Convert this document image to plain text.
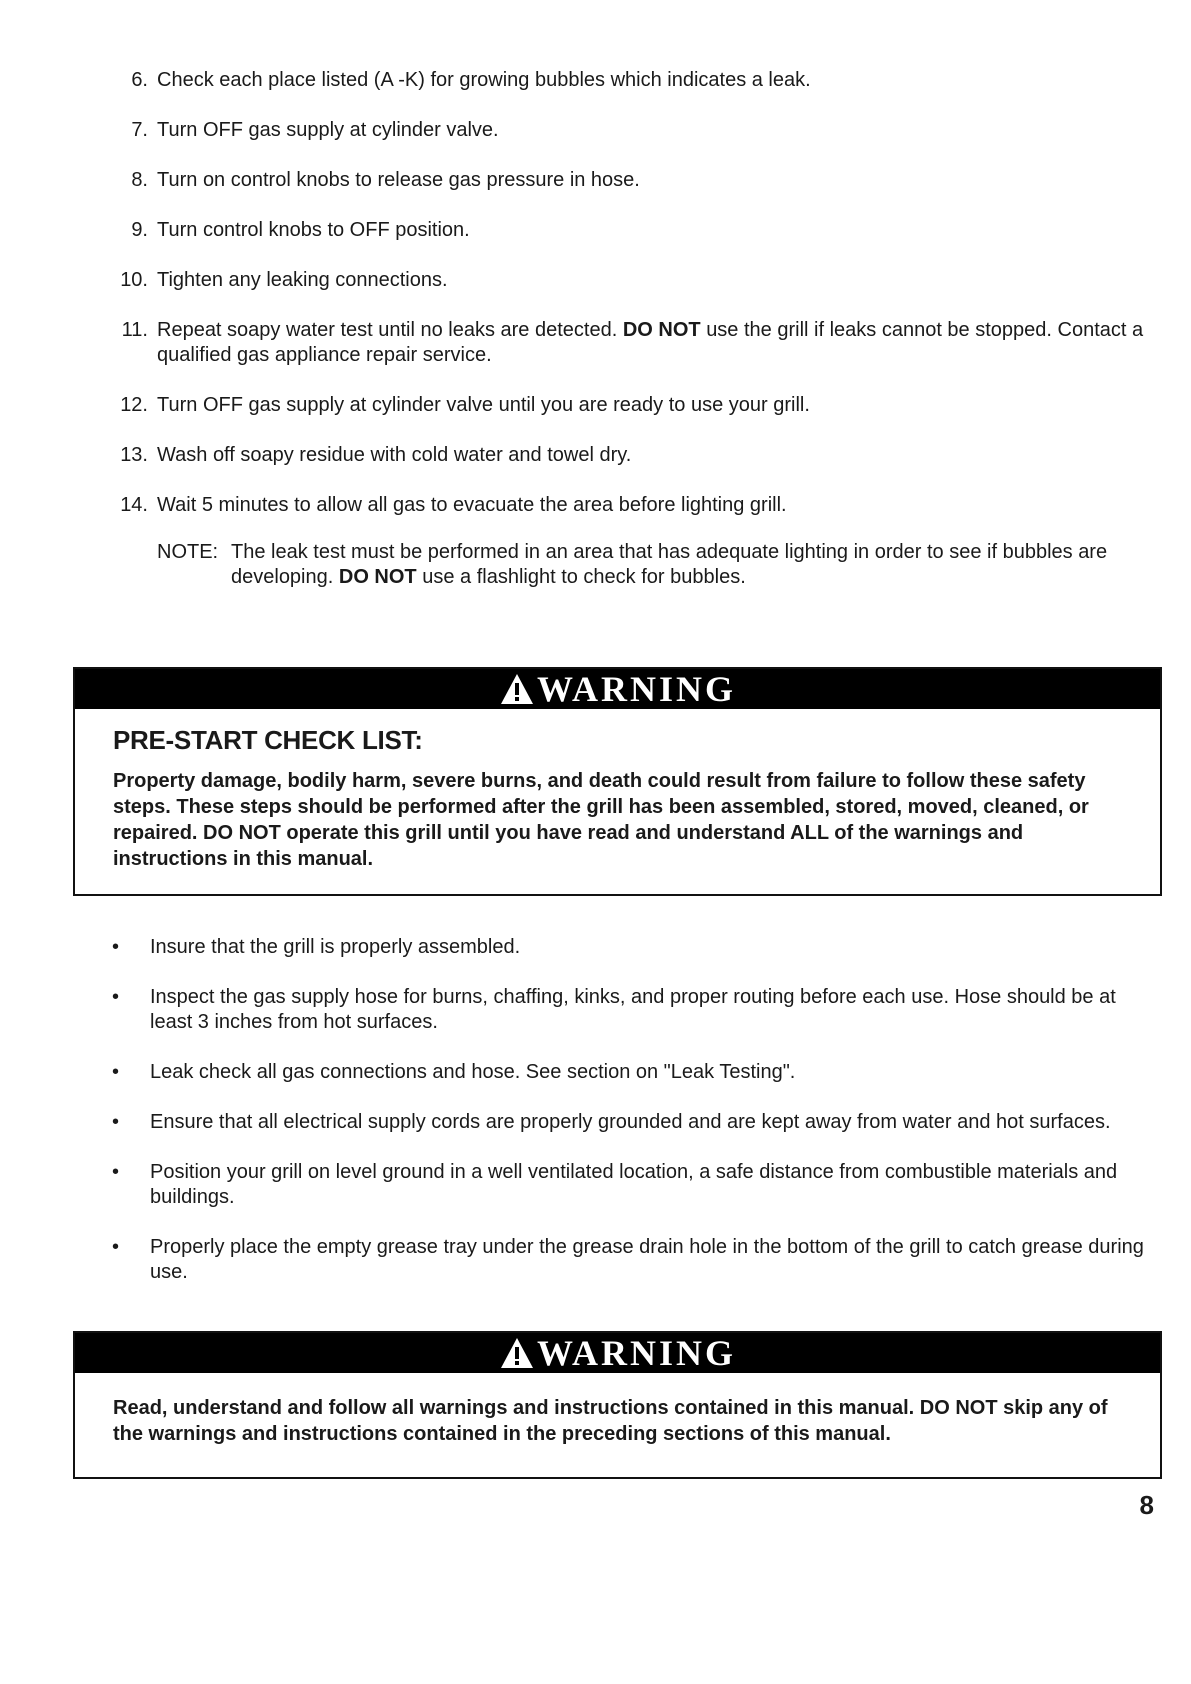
6. Check each place listed (A -K) for growing bubbles which indicates a leak.
7. Turn OFF gas supply at cylinder valve.
8. Turn on control knobs to release gas pressure in hose.
9. Turn control knobs to OFF position.
10. Tighten any leaking connections.
11. Repeat soapy water test until no leaks are detected. DO NOT use the grill if leaks cannot be stopped. Contact a qualified gas appliance repair service.
12. Turn OFF gas supply at cylinder valve until you are ready to use your grill.
13. Wash off soapy residue with cold water and towel dry.
14. Wait 5 minutes to allow all gas to evacuate the area before lighting grill.
NOTE: The leak test must be performed in an area that has adequate lighting in order to see if bubbles are developing. DO NOT use a flashlight to check for bubbles.
WARNING
PRE-START CHECK LIST:
Property damage, bodily harm, severe burns, and death could result from failure to follow these safety steps. These steps should be performed after the grill has been assembled, stored, moved, cleaned, or repaired. DO NOT operate this grill until you have read and understand ALL of the warnings and instructions in this manual.
•	Insure that the grill is properly assembled.
•	Inspect the gas supply hose for burns, chaffing, kinks, and proper routing before each use. Hose should be at least 3 inches from hot surfaces.
•	Leak check all gas connections and hose. See section on "Leak Testing".
•	Ensure that all electrical supply cords are properly grounded and are kept away from water and hot surfaces.
•	Position your grill on level ground in a well ventilated location, a safe distance from combustible materials and buildings.
•	Properly place the empty grease tray under the grease drain hole in the bottom of the grill to catch grease during use.
WARNING
Read, understand and follow all warnings and instructions contained in this manual. DO NOT skip any of the warnings and instructions contained in the preceding sections of this manual.
8
